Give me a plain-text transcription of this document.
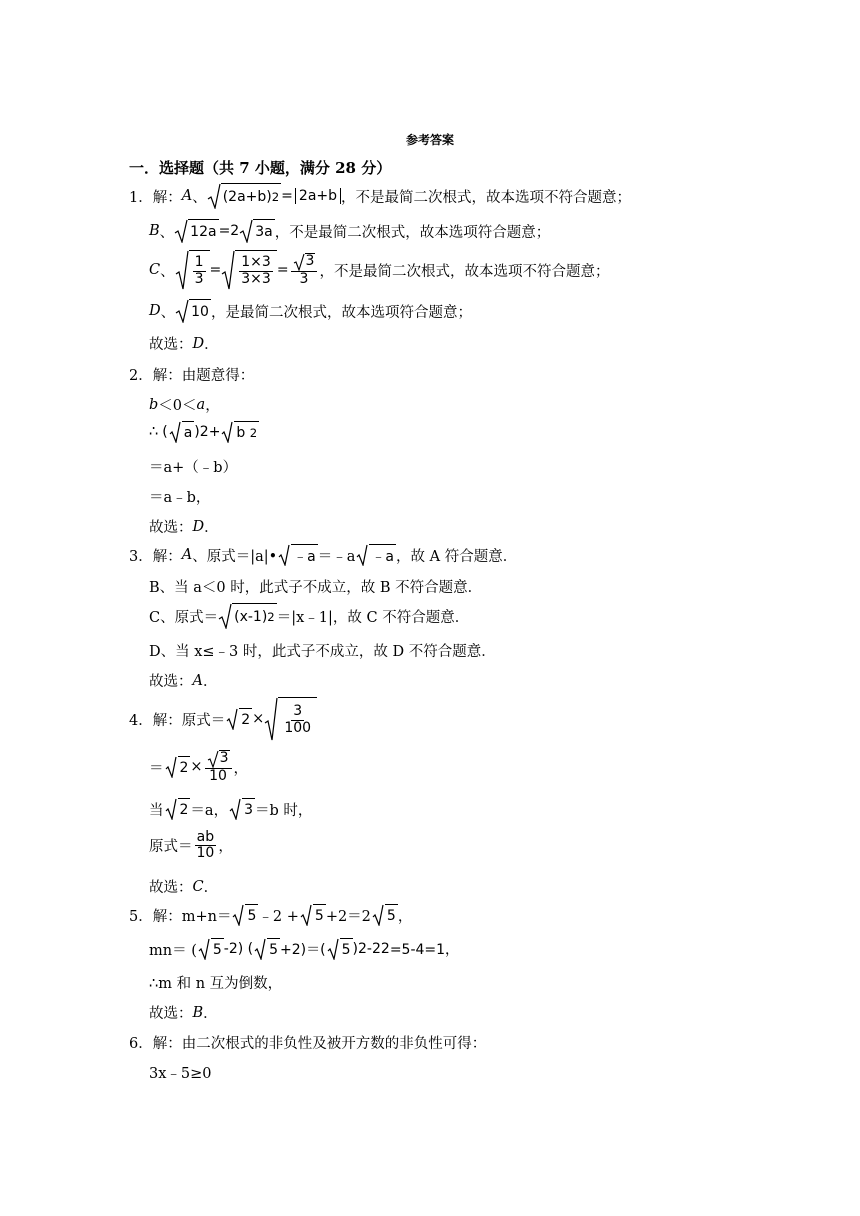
参考答案
一．选择题（共 7 小题，满分 28 分）
1． 解： A 、 (2a+b) 2 = 2a+b ，不是最简二次根式，故本选项不符合题意；
B 、 12a =2 3a ，不是最简二次根式，故本选项符合题意；
C 、 $\frac{1}{3} = \frac{1\times 3}{3\times 3} = \frac{3}{3}$ ，不是最简二次根式，故本选项不符合题意；
D 、 10 ，是最简二次根式，故本选项符合题意；
故选： D ．
2． 解：由题意得：
b ＜0＜ a ，
∴ ( a ) 2 + b
2
＝a+（﹣b）
＝a﹣b，
故选： D ．
3． 解： A 、原式＝|a|• ﹣a ＝﹣a ﹣a ，故 A 符合题意．
B、当 a＜0 时，此式子不成立，故 B 不符合题意．
C、原式＝ (x-1) 2 ＝|x﹣1|，故 C 不符合题意．
D、当 x≤﹣3 时，此式子不成立，故 D 不符合题意．
故选： A ．
4． 解：原式＝ $2 \times \frac{3}{100}$
＝ $2 \times \frac{3}{10}$ ，
当 2 ＝a， 3 ＝b 时，
原式＝ $\frac{ab}{10}$ ，
故选： C ．
5． 解：m+n＝ 5 ﹣2 + 5 +2＝2 5 ，
mn＝ ( 5 -2) ( 5 +2)＝( 5 ) 2 -2 2 =5-4=1，
∴m 和 n 互为倒数，
故选： B ．
6． 解：由二次根式的非负性及被开方数的非负性可得：
3x﹣5≥0
